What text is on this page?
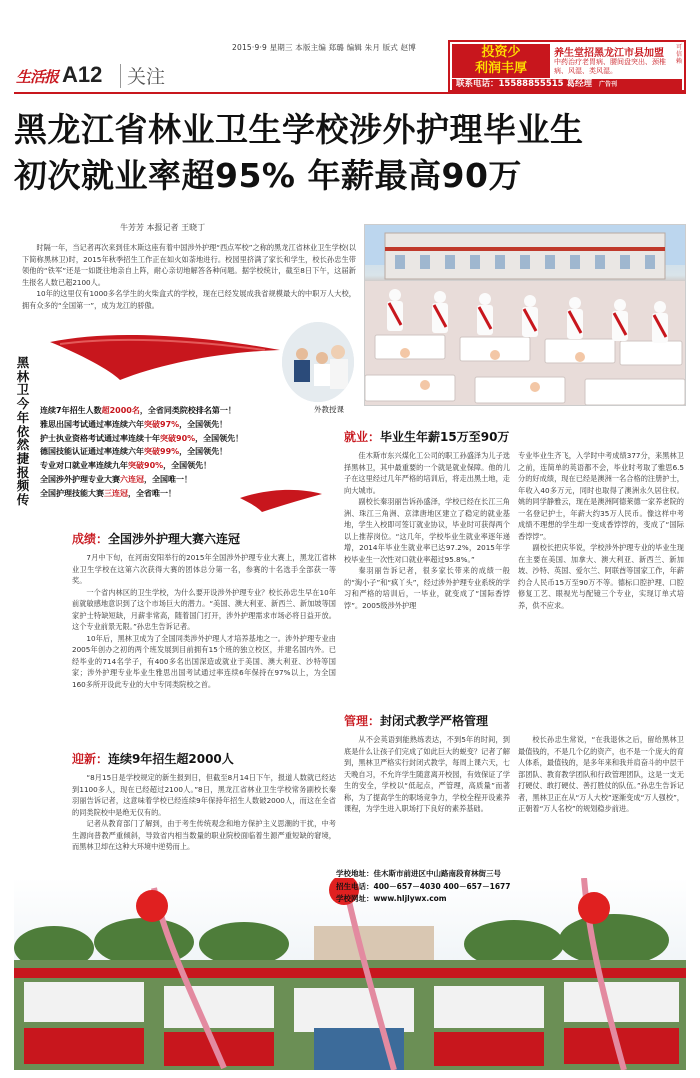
2015·9·9 星期三 本版主编 郑璐 编辑 朱月 版式 赵博
生活报 A12 关注
投资少
利润丰厚
养生堂招黑龙江市县加盟
中药治疗老胃病、腰间盘突出、颈椎病、风湿、类风湿。
可信赖
联系电话：15588855515 葛经理 广告刊
黑龙江省林业卫生学校涉外护理毕业生
初次就业率超95% 年薪最高90万
牛芳芳 本报记者 王晓丁

时隔一年，当记者再次来到佳木斯这座有着中国涉外护理“西点军校”之称的黑龙江省林业卫生学校(以下简称黑林卫)时，2015年秋季招生工作正在如火如荼地进行。校园里挤满了家长和学生，校长孙忠生带领他的“铁军”还是一如既往地亲自上阵，耐心亲切地解答各种问题。据学校统计，截至8日下午，这届新生报名人数已超2100人。

10年的这里仅有1000多名学生的火柴盒式的学校，现在已经发展成我省规模最大的中职万人大校，拥有众多的“全国第一”，成为龙江的骄傲。

护理技能大赛
黑林卫今年依然捷报频传
外教授课
连续7年招生人数超2000名，全省同类院校排名第一！
雅思出国考试通过率连续六年突破97%，全国领先！
护士执业资格考试通过率连续十年突破90%，全国领先！
德国技能认证通过率连续六年突破99%，全国领先！
专业对口就业率连续九年突破90%，全国领先！
全国涉外护理专业大赛六连冠，全国唯一！
全国护理技能大赛三连冠，全省唯一！
成绩：全国涉外护理大赛六连冠

7月中下旬，在河南安阳举行的2015年全国涉外护理专业大赛上，黑龙江省林业卫生学校在这第六次获得大赛的团体总分第一名，参赛的十名选手全部获一等奖。

一个省内林区的卫生学校，为什么要开设涉外护理专业？校长孙忠生早在10年前就敏感地意识到了这个市场巨大的潜力。“美国、澳大利亚、新西兰、新加坡等国家护士特缺短缺，月薪非常高，随着国门打开，涉外护理需求市场必将日益开放。这个专业前景无限。”孙忠生告诉记者。

10年后，黑林卫成为了全国同类涉外护理人才培养基地之一。涉外护理专业由2005年创办之初的两个班发展到目前拥有15个班的独立校区，并建名国内外。已经毕业的714名学子，有400多名出国深造或就业于美国、澳大利亚、沙特等国家；涉外护理专业毕业生雅思出国考试通过率连续6年保持在97%以上，为全国160多所开设此专业的大中专同类院校之首。

迎新：连续9年招生超2000人

“8月15日是学校规定的新生报到日，但截至8月14日下午，报道人数就已经达到1100多人，现在已经超过2100人。”8日，黑龙江省林业卫生学校常务副校长秦羽丽告诉记者，这意味着学校已经连续9年保持年招生人数破2000人，而这在全省的同类院校中是绝无仅有的。

记者从教育部门了解到，由于考生传统观念和地方保护主义思潮的干扰，中考生源向普教严重倾斜，导致省内相当数量的职业院校面临着生源严重短缺的窘境，而黑林卫却在这种大环境中逆势而上。

就业：毕业生年薪15万至90万

佳木斯市东兴煤化工公司的职工孙盛泽为儿子选择黑林卫，其中最重要的一个就是就业保障。他的儿子在这里经过几年严格的培训后，将走出黑土地，走向大城市。

副校长秦羽丽告诉孙盛泽，学校已经在长江三角洲、珠江三角洲、京津唐地区建立了稳定的就业基地，学生入校即可签订就业协议，毕业时可获得两个以上推荐岗位。“这几年，学校毕业生就业率逐年递增，2014年毕业生就业率已达97.2%，2015年学校毕业生一次性对口就业率超过95.8%。”

秦羽丽告诉记者，很多家长带来的成绩一般的“淘小子”和“疯丫头”，经过涉外护理专业系统的学习和严格的培训后，一毕业，就变成了“国际香饽饽”。2005级涉外护理

专业毕业生齐飞，入学时中考成绩377分，来黑林卫之前，连简单的英语都不会，毕业时考取了雅思6.5分的好成绩，现在已经是澳洲一名合格的注册护士，年收入40多万元，同时也取得了澳洲永久居住权。姚的同学静雅云，现在是澳洲阿德莱德一家养老院的一名登记护士，年薪大约35万人民币。像这样中考成绩不理想的学生却一变成香饽饽的，变成了“国际香饽饽”。

副校长把庆华说，学校涉外护理专业的毕业生现在主要在美国、加拿大、澳大利亚、新西兰、新加坡、沙特、英国、爱尔兰、阿联酋等国家工作，年薪约合人民币15万至90万不等。德标口腔护理、口腔修复工艺、眼视光与配镜三个专业，实现订单式培养，供不应求。

管理：封闭式教学严格管理

从不会英语到能熟练表达，不到5年的时间，到底是什么让孩子们完成了如此巨大的蜕变？记者了解到，黑林卫严格实行封闭式教学，每周上课六天，七天晚自习，不允许学生随意离开校园，有效保证了学生的安全，学校以“低起点，严管理，高质量”而著称，为了提高学生的职场竞争力，学校全程开设素养课程，为学生进入职场打下良好的素养基础。

校长孙忠生常说，“在我退休之后，留给黑林卫最值钱的，不是几个亿的资产，也不是一个庞大的育人体系，最值钱的，是多年来和我并肩奋斗的中层干部团队、教育教学团队和行政管理团队，这是一支无打硬仗、敢打硬仗、善打胜仗的队伍。”孙忠生告诉记者，黑林卫正在从“万人大校”逐渐变成“万人强校”，正朝着“万人名校”的规划稳步前进。

学校地址：佳木斯市前进区中山路南段育林街三号
招生电话：400－657－4030 400－657－1677
学校网址：www.hljlywx.com
